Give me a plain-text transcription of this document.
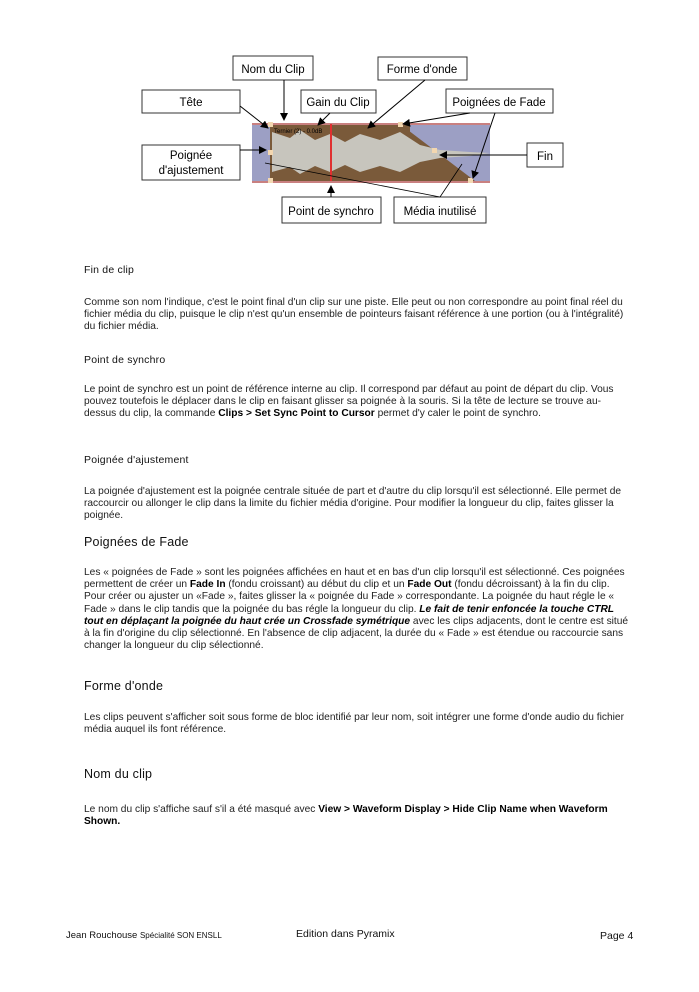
Ternier (2) - 0.0dB
Nom du Clip	Forme d'onde
Tête	Gain du Clip	Poignées de Fade
Poignée
d'ajustement
Fin
Point de synchro	Média inutilisé
Fin de clip

Comme son nom l'indique, c'est le point final d'un clip sur une piste. Elle peut ou non correspondre au point final réel du fichier média du clip, puisque le clip n'est qu'un ensemble de pointeurs faisant référence à une portion (ou à l'intégralité) du fichier média.

Point de synchro

Le point de synchro est un point de référence interne au clip. Il correspond par défaut au point de départ du clip. Vous pouvez toutefois le déplacer dans le clip en faisant glisser sa poignée à la souris. Si la tête de lecture se trouve au-dessus du clip, la commande Clips > Set Sync Point to Cursor permet d'y caler le point de synchro.

Poignée d'ajustement

La poignée d'ajustement est la poignée centrale située de part et d'autre du clip lorsqu'il est sélectionné. Elle permet de raccourcir ou allonger le clip dans la limite du fichier média d'origine. Pour modifier la longueur du clip, faites glisser la poignée.

Poignées de Fade

Les « poignées de Fade » sont les poignées affichées en haut et en bas d'un clip lorsqu'il est sélectionné. Ces poignées permettent de créer un Fade In (fondu croissant) au début du clip et un Fade Out (fondu décroissant) à la fin du clip. Pour créer ou ajuster un «Fade », faites glisser la « poignée du Fade » correspondante. La poignée du haut régle le « Fade » dans le clip tandis que la poignée du bas régle la longueur du clip. Le fait de tenir enfoncée la touche CTRL tout en déplaçant la poignée du haut crée un Crossfade symétrique avec les clips adjacents, dont le centre est situé à la fin d'origine du clip sélectionné. En l'absence de clip adjacent, la durée du « Fade » est étendue ou raccourcie sans changer la longueur du clip sélectionné.

Forme d'onde

Les clips peuvent s'afficher soit sous forme de bloc identifié par leur nom, soit intégrer une forme d'onde audio du fichier média auquel ils font référence.

Nom du clip

Le nom du clip s'affiche sauf s'il a été masqué avec View > Waveform Display > Hide Clip Name when Waveform Shown.

Jean Rouchouse Spécialité SON ENSLL	Edition dans Pyramix	Page 4
